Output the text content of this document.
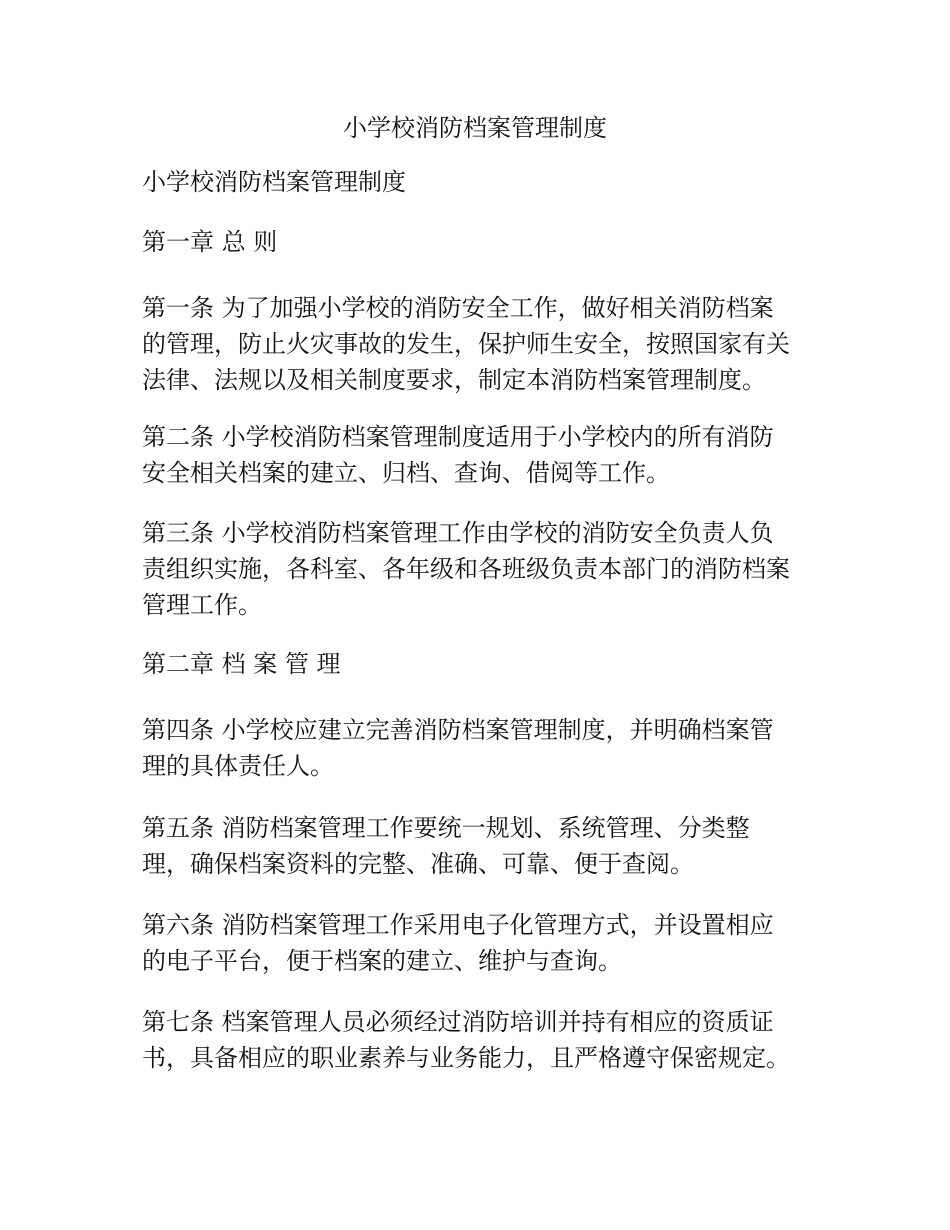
小学校消防档案管理制度
小学校消防档案管理制度
第一章 总 则
第一条 为了加强小学校的消防安全工作，做好相关消防档案
的管理，防止火灾事故的发生，保护师生安全，按照国家有关
法律、法规以及相关制度要求，制定本消防档案管理制度。
第二条 小学校消防档案管理制度适用于小学校内的所有消防
安全相关档案的建立、归档、查询、借阅等工作。
第三条 小学校消防档案管理工作由学校的消防安全负责人负
责组织实施，各科室、各年级和各班级负责本部门的消防档案
管理工作。
第二章 档 案 管 理
第四条 小学校应建立完善消防档案管理制度，并明确档案管
理的具体责任人。
第五条 消防档案管理工作要统一规划、系统管理、分类整
理，确保档案资料的完整、准确、可靠、便于查阅。
第六条 消防档案管理工作采用电子化管理方式，并设置相应
的电子平台，便于档案的建立、维护与查询。
第七条 档案管理人员必须经过消防培训并持有相应的资质证
书，具备相应的职业素养与业务能力，且严格遵守保密规定。
